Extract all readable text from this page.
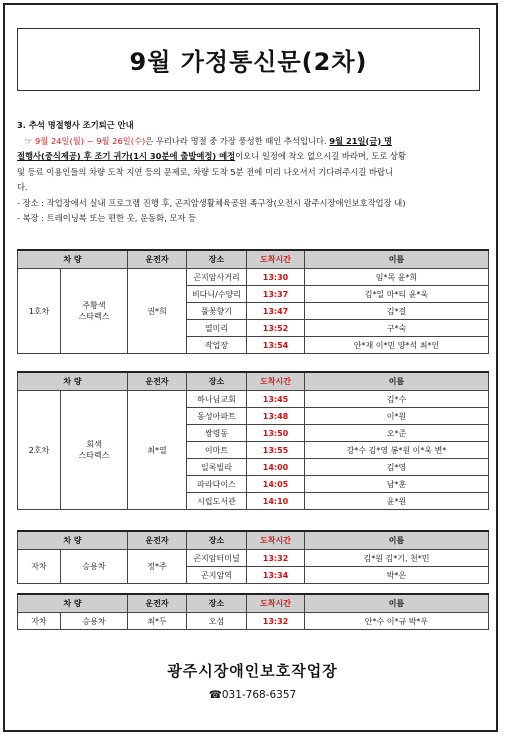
9월 가정통신문(2차)

3. 추석 명절행사 조기퇴근 안내

☞ 9월 24일(월) ~ 9월 26일(수)은 우리나라 명절 중 가장 풍성한 때인 추석입니다. 9월 21일(금) 명
절행사(중식제공) 후 조기 귀가(1시 30분에 출발예정) 예정이오니 일정에 착오 없으시길 바라며, 도로 상황
및 등료 이용인들의 차량 도착 지연 등의 문제로, 차량 도착 5분 전에 미리 나오셔서 기다려주시길 바랍니
다.

- 장소 : 작업장에서 실내 프로그램 진행 후, 곤지암생활체육공원 족구장(오전시 광주시장애인보호작업장 내)

- 복장 : 트레이닝복 또는 편한 옷, 운동화, 모자 등

차 량		운전자	장소	도착시간	이름
1호차	주황색
스타렉스	권*희	곤지암사거리	13:30	임*목 윤*희
			비다니/수양리	13:37	김*일 마*티 윤*욱
			풀꽃향기	13:47	김*걸
			열미리	13:52	구*숙
			작업장	13:54	안*재 이*민 양*석 최*인
차 량		운전자	장소	도착시간	이름
2호차	회색
스타렉스	최*열	하나님교회	13:45	김*수
			동성아파트	13:48	이*원
			쌍령동	13:50	오*준
			이마트	13:55	강*수 김*영 봉*원 이*욱 변*
			일록빌라	14:00	김*영
			파라다이스	14:05	남*훈
			시립도서관	14:10	윤*원
차 량		운전자	장소	도착시간	이름
자차	승용차	정*주	곤지암터미널	13:32	김*원 김*기, 천*민
			곤지암역	13:34	박*은
차 량		운전자	장소	도착시간	이름
자차	승용차	최*두	오섬	13:32	안*수 이*규 박*우
광주시장애인보호작업장
☎031-768-6357
